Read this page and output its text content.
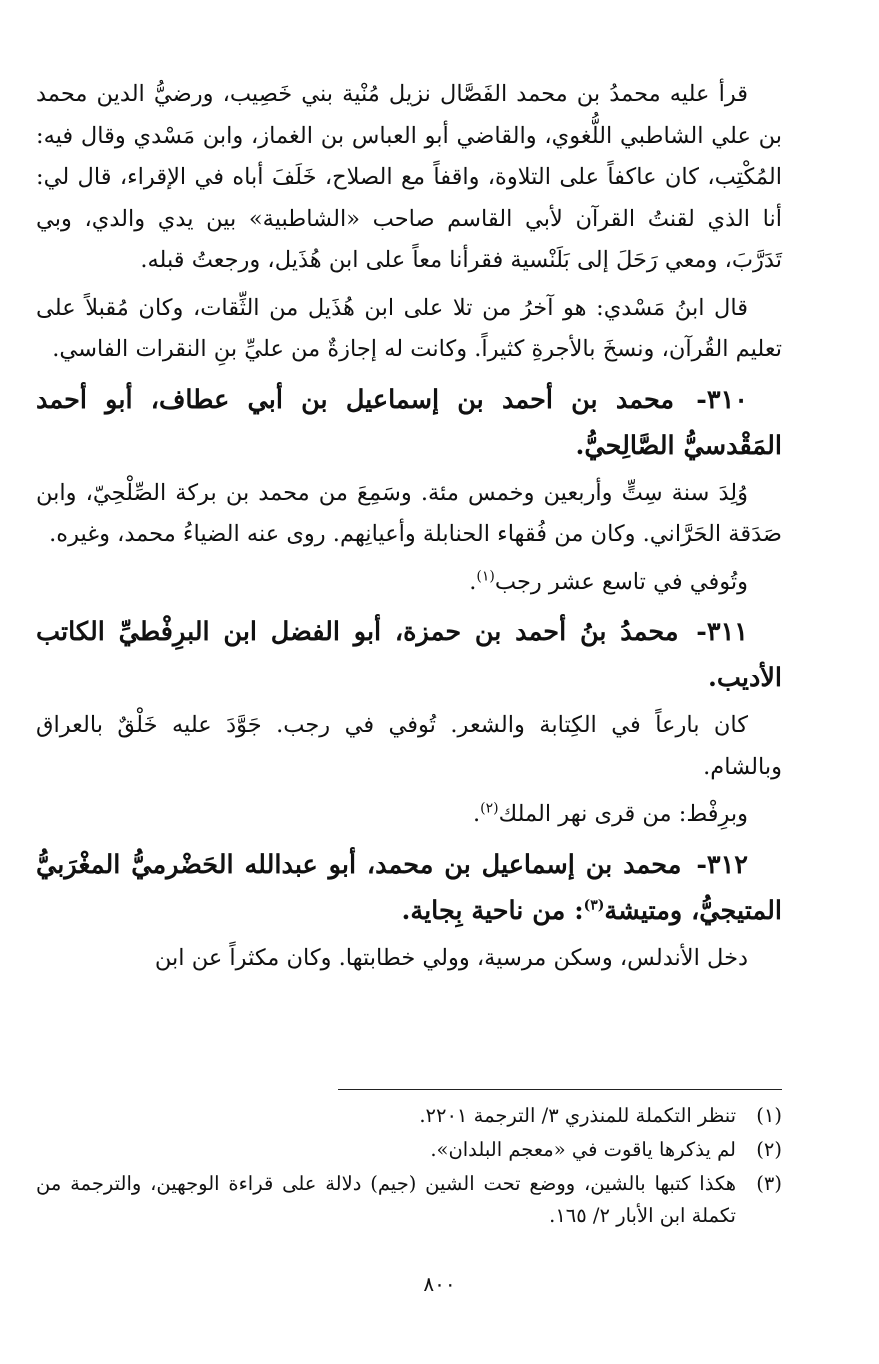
قرأ عليه محمدُ بن محمد الفَصَّال نزيل مُنْية بني خَصِيب، ورضيُّ الدين محمد بن علي الشاطبي اللُّغوي، والقاضي أبو العباس بن الغماز، وابن مَسْدي وقال فيه: المُكْتِب، كان عاكفاً على التلاوة، واقفاً مع الصلاح، خَلَفَ أباه في الإقراء، قال لي: أنا الذي لقنتُ القرآن لأبي القاسم صاحب «الشاطبية» بين يدي والدي، وبي تَدَرَّبَ، ومعي رَحَلَ إلى بَلَنْسية فقرأنا معاً على ابن هُذَيل، ورجعتُ قبله.

قال ابنُ مَسْدي: هو آخرُ من تلا على ابن هُذَيل من الثِّقات، وكان مُقبلاً على تعليم القُرآن، ونسخَ بالأجرةِ كثيراً. وكانت له إجازةٌ من عليِّ بنِ النقرات الفاسي.

٣١٠- محمد بن أحمد بن إسماعيل بن أبي عطاف، أبو أحمد المَقْدسيُّ الصَّالِحيُّ.

وُلِدَ سنة سِتٍّ وأربعين وخمس مئة. وسَمِعَ من محمد بن بركة الصِّلْحِيّ، وابن صَدَقة الحَرَّاني. وكان من فُقهاء الحنابلة وأعيانِهم. روى عنه الضياءُ محمد، وغيره.

وتُوفي في تاسع عشر رجب$^{(١)}$.

٣١١- محمدُ بنُ أحمد بن حمزة، أبو الفضل ابن البرِفْطيِّ الكاتب الأديب.

كان بارعاً في الكِتابة والشعر. تُوفي في رجب. جَوَّدَ عليه خَلْقٌ بالعراق وبالشام.

وبرِفْط: من قرى نهر الملك$^{(٢)}$.

٣١٢- محمد بن إسماعيل بن محمد، أبو عبدالله الحَضْرميُّ المغْرَبيُّ المتيجيُّ، ومتيشة$^{(٣)}$: من ناحية بِجاية.

دخل الأندلس، وسكن مرسية، وولي خطابتها. وكان مكثراً عن ابن

(١)
تنظر التكملة للمنذري ٣/ الترجمة ٢٢٠١.
(٢)
لم يذكرها ياقوت في «معجم البلدان».
(٣)
هكذا كتبها بالشين، ووضع تحت الشين (جيم) دلالة على قراءة الوجهين، والترجمة من تكملة ابن الأبار ٢/ ١٦٥.
٨٠٠
